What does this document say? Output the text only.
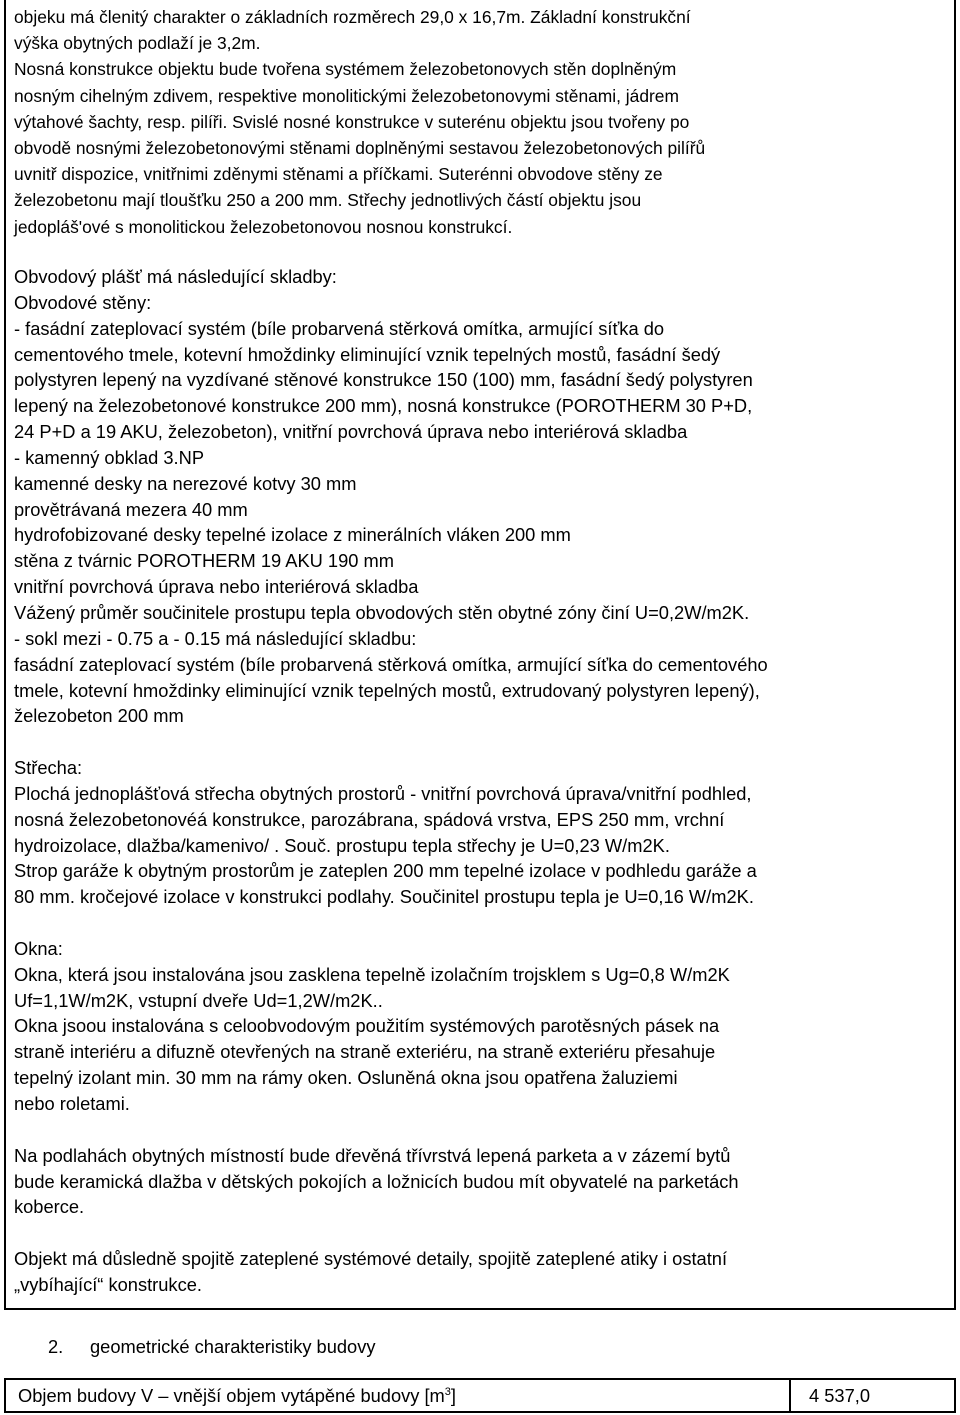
objeku má členitý charakter o základních rozměrech 29,0 x 16,7m. Základní konstrukční

výška obytných podlaží je 3,2m.

Nosná konstrukce objektu bude tvořena systémem železobetonovych stěn doplněným

nosným cihelným zdivem, respektive monolitickými železobetonovymi stěnami, jádrem

výtahové šachty, resp. pilíři. Svislé nosné konstrukce v suterénu objektu jsou tvořeny po

obvodě nosnými železobetonovými stěnami doplněnými sestavou železobetonových pilířů

uvnitř dispozice, vnitřnimi zděnymi stěnami a příčkami. Suterénni obvodove stěny ze

železobetonu mají tloušťku 250 a 200 mm. Střechy jednotlivých částí objektu jsou

jedopláš'ové s monolitickou železobetonovou nosnou konstrukcí.

Obvodový plášť má následující skladby:

Obvodové stěny:

- fasádní zateplovací systém (bíle probarvená stěrková omítka, armující síťka do

cementového tmele, kotevní hmoždinky eliminující vznik tepelných mostů, fasádní šedý

polystyren lepený na vyzdívané stěnové konstrukce 150 (100) mm, fasádní šedý polystyren

lepený na železobetonové konstrukce 200 mm), nosná konstrukce (POROTHERM 30 P+D,

24 P+D a 19 AKU, železobeton), vnitřní povrchová úprava nebo interiérová skladba

- kamenný obklad 3.NP

kamenné desky na nerezové kotvy 30 mm

provětrávaná mezera 40 mm

hydrofobizované desky tepelné izolace z minerálních vláken 200 mm

stěna z tvárnic POROTHERM 19 AKU 190 mm

vnitřní povrchová úprava nebo interiérová skladba

Vážený průměr součinitele prostupu tepla obvodových stěn obytné zóny činí U=0,2W/m2K.

- sokl mezi - 0.75 a - 0.15 má následující skladbu:

fasádní zateplovací systém (bíle probarvená stěrková omítka, armující síťka do cementového

tmele, kotevní hmoždinky eliminující vznik tepelných mostů, extrudovaný polystyren lepený),

železobeton 200 mm

Střecha:

Plochá jednoplášťová střecha obytných prostorů - vnitřní povrchová úprava/vnitřní podhled,

nosná železobetonovéá konstrukce, parozábrana, spádová vrstva, EPS 250 mm, vrchní

hydroizolace, dlažba/kamenivo/ . Souč. prostupu tepla střechy je U=0,23 W/m2K.

Strop garáže k obytným prostorům je zateplen 200 mm tepelné izolace v podhledu garáže a

80 mm. kročejové izolace v konstrukci podlahy. Součinitel prostupu tepla je U=0,16 W/m2K.

Okna:

Okna, která jsou instalována jsou zasklena tepelně izolačním trojsklem s Ug=0,8 W/m2K

Uf=1,1W/m2K, vstupní dveře Ud=1,2W/m2K..

Okna jsoou instalována s celoobvodovým použitím systémových parotěsných pásek na

straně interiéru a difuzně otevřených na straně exteriéru, na straně exteriéru přesahuje

tepelný izolant min. 30 mm na rámy oken. Osluněná okna jsou opatřena žaluziemi

nebo roletami.

Na podlahách obytných místností bude dřevěná třívrstvá lepená parketa a v zázemí bytů

bude keramická dlažba v dětských pokojích a ložnicích budou mít obyvatelé na parketách

koberce.

Objekt má důsledně spojitě zateplené systémové detaily, spojitě zateplené atiky i ostatní

„vybíhající“ konstrukce.

2. geometrické charakteristiky budovy
Objem budovy V – vnější objem vytápěné budovy $[m^3]$	4 537,0
